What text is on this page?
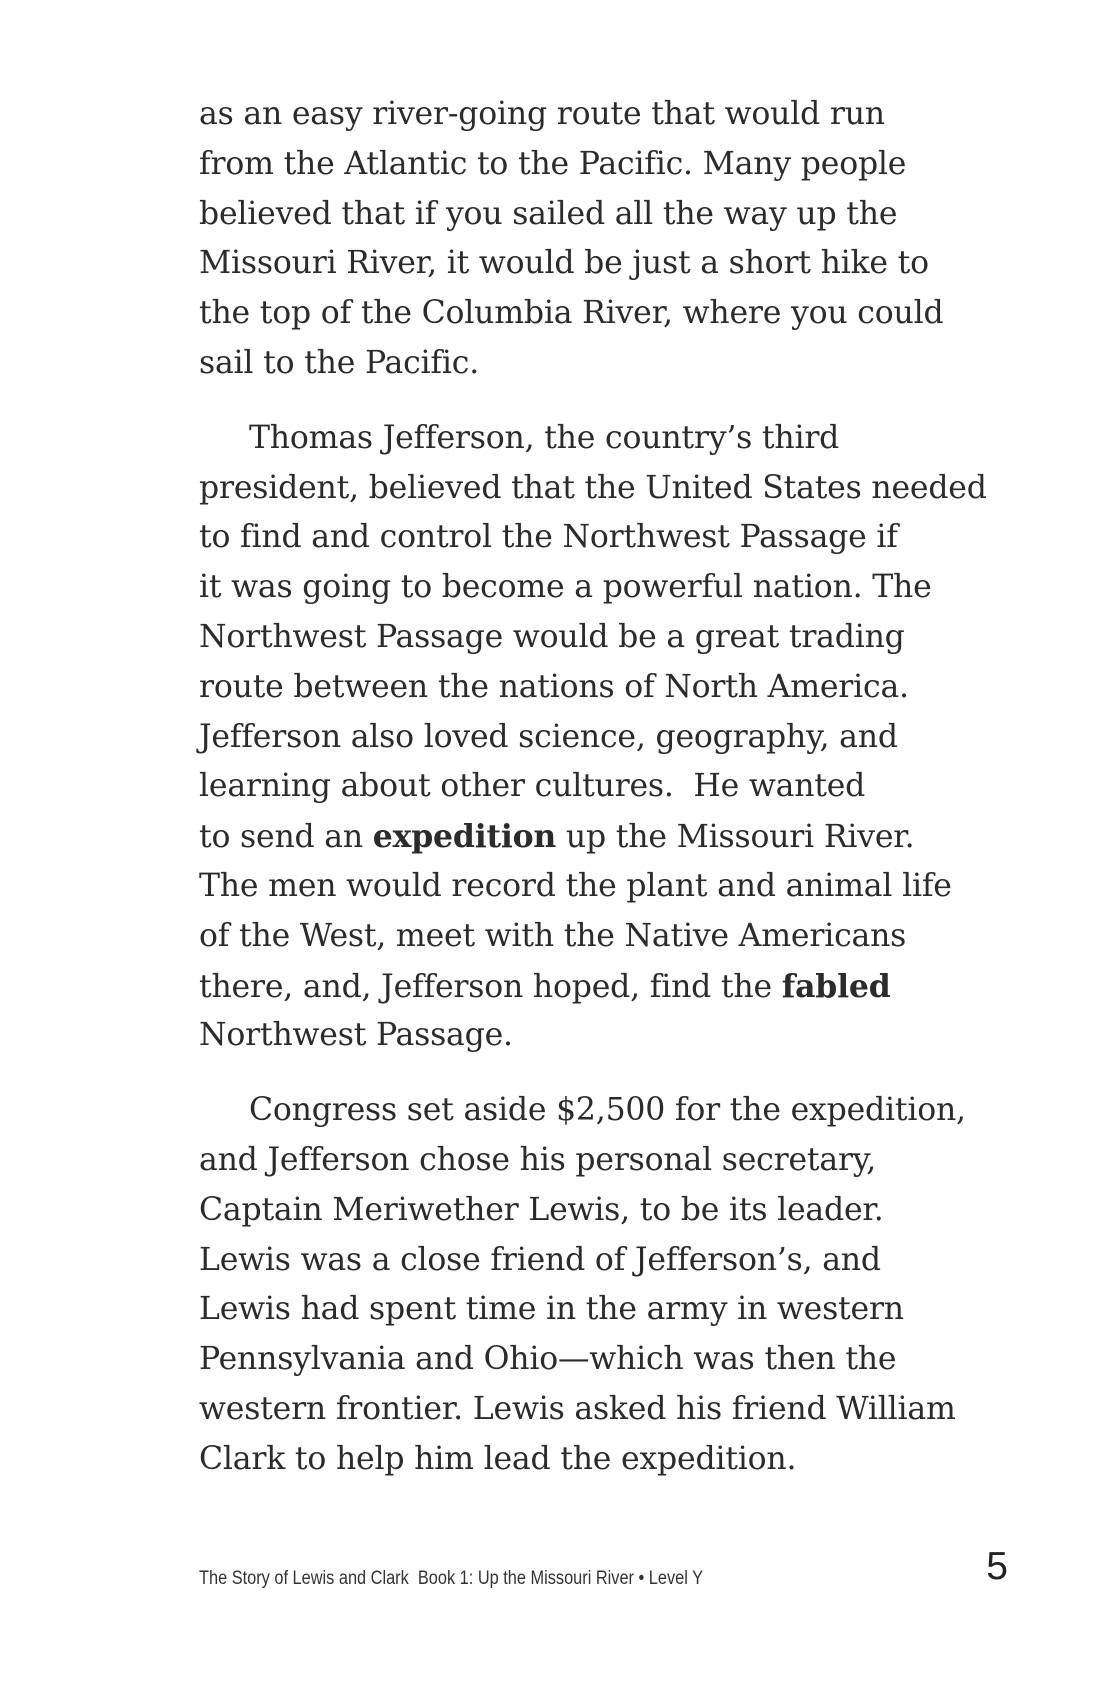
as an easy river-going route that would run
from the Atlantic to the Pacific. Many people
believed that if you sailed all the way up the
Missouri River, it would be just a short hike to
the top of the Columbia River, where you could
sail to the Pacific.
Thomas Jefferson, the country’s third
president, believed that the United States needed
to find and control the Northwest Passage if
it was going to become a powerful nation. The
Northwest Passage would be a great trading
route between the nations of North America.
Jefferson also loved science, geography, and
learning about other cultures.  He wanted
to send an expedition up the Missouri River.
The men would record the plant and animal life
of the West, meet with the Native Americans
there, and, Jefferson hoped, find the fabled
Northwest Passage.
Congress set aside $2,500 for the expedition,
and Jefferson chose his personal secretary,
Captain Meriwether Lewis, to be its leader.
Lewis was a close friend of Jefferson’s, and
Lewis had spent time in the army in western
Pennsylvania and Ohio—which was then the
western frontier. Lewis asked his friend William
Clark to help him lead the expedition.
The Story of Lewis and Clark  Book 1: Up the Missouri River • Level Y	5
